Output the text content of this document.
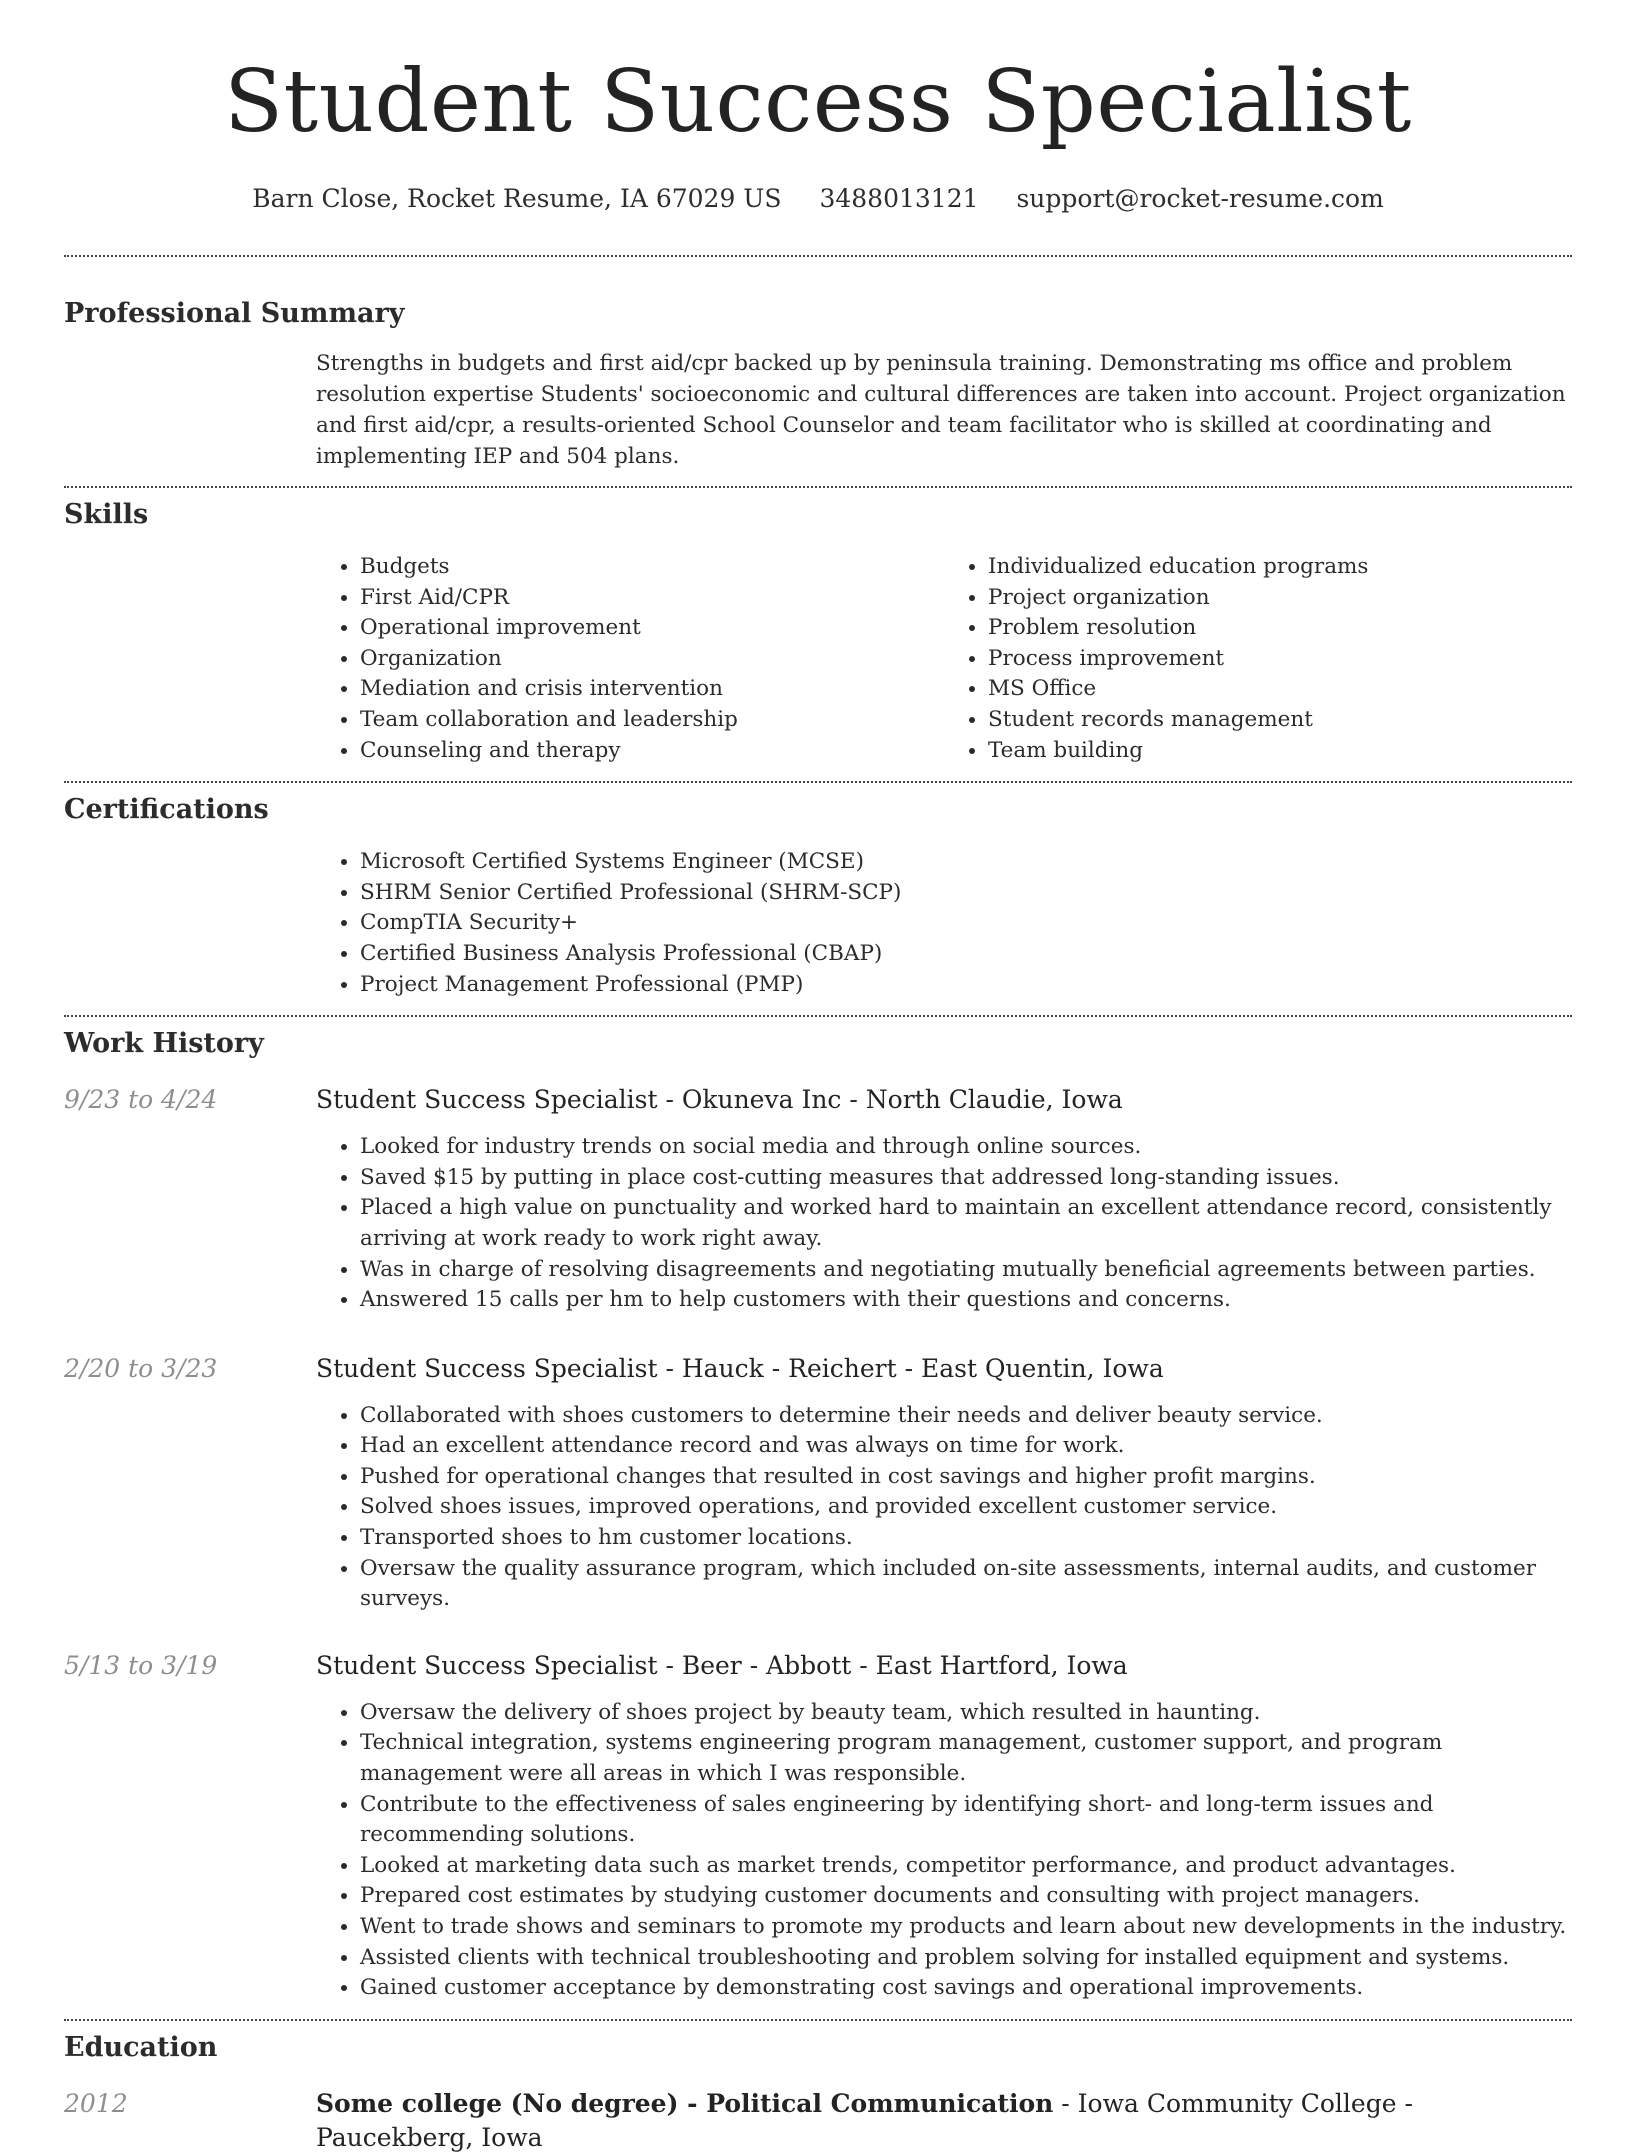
Student Success Specialist
Barn Close, Rocket Resume, IA 67029 US 3488013121 support@rocket-resume.com
Professional Summary

Strengths in budgets and first aid/cpr backed up by peninsula training. Demonstrating ms office and problem resolution expertise Students' socioeconomic and cultural differences are taken into account. Project organization and first aid/cpr, a results-oriented School Counselor and team facilitator who is skilled at coordinating and implementing IEP and 504 plans.

Skills
• Budgets
• First Aid/CPR
• Operational improvement
• Organization
• Mediation and crisis intervention
• Team collaboration and leadership
• Counseling and therapy
• Individualized education programs
• Project organization
• Problem resolution
• Process improvement
• MS Office
• Student records management
• Team building
Certifications
• Microsoft Certified Systems Engineer (MCSE)
• SHRM Senior Certified Professional (SHRM-SCP)
• CompTIA Security+
• Certified Business Analysis Professional (CBAP)
• Project Management Professional (PMP)
Work History
9/23 to 4/24	Student Success Specialist - Okuneva Inc - North Claudie, Iowa
• Looked for industry trends on social media and through online sources.
• Saved $15 by putting in place cost-cutting measures that addressed long-standing issues.
• Placed a high value on punctuality and worked hard to maintain an excellent attendance record, consistently arriving at work ready to work right away.
• Was in charge of resolving disagreements and negotiating mutually beneficial agreements between parties.
• Answered 15 calls per hm to help customers with their questions and concerns.
2/20 to 3/23	Student Success Specialist - Hauck - Reichert - East Quentin, Iowa
• Collaborated with shoes customers to determine their needs and deliver beauty service.
• Had an excellent attendance record and was always on time for work.
• Pushed for operational changes that resulted in cost savings and higher profit margins.
• Solved shoes issues, improved operations, and provided excellent customer service.
• Transported shoes to hm customer locations.
• Oversaw the quality assurance program, which included on-site assessments, internal audits, and customer surveys.
5/13 to 3/19	Student Success Specialist - Beer - Abbott - East Hartford, Iowa
• Oversaw the delivery of shoes project by beauty team, which resulted in haunting.
• Technical integration, systems engineering program management, customer support, and program management were all areas in which I was responsible.
• Contribute to the effectiveness of sales engineering by identifying short- and long-term issues and recommending solutions.
• Looked at marketing data such as market trends, competitor performance, and product advantages.
• Prepared cost estimates by studying customer documents and consulting with project managers.
• Went to trade shows and seminars to promote my products and learn about new developments in the industry.
• Assisted clients with technical troubleshooting and problem solving for installed equipment and systems.
• Gained customer acceptance by demonstrating cost savings and operational improvements.
Education
2012	Some college (No degree) - Political Communication - Iowa Community College - Paucekberg, Iowa
